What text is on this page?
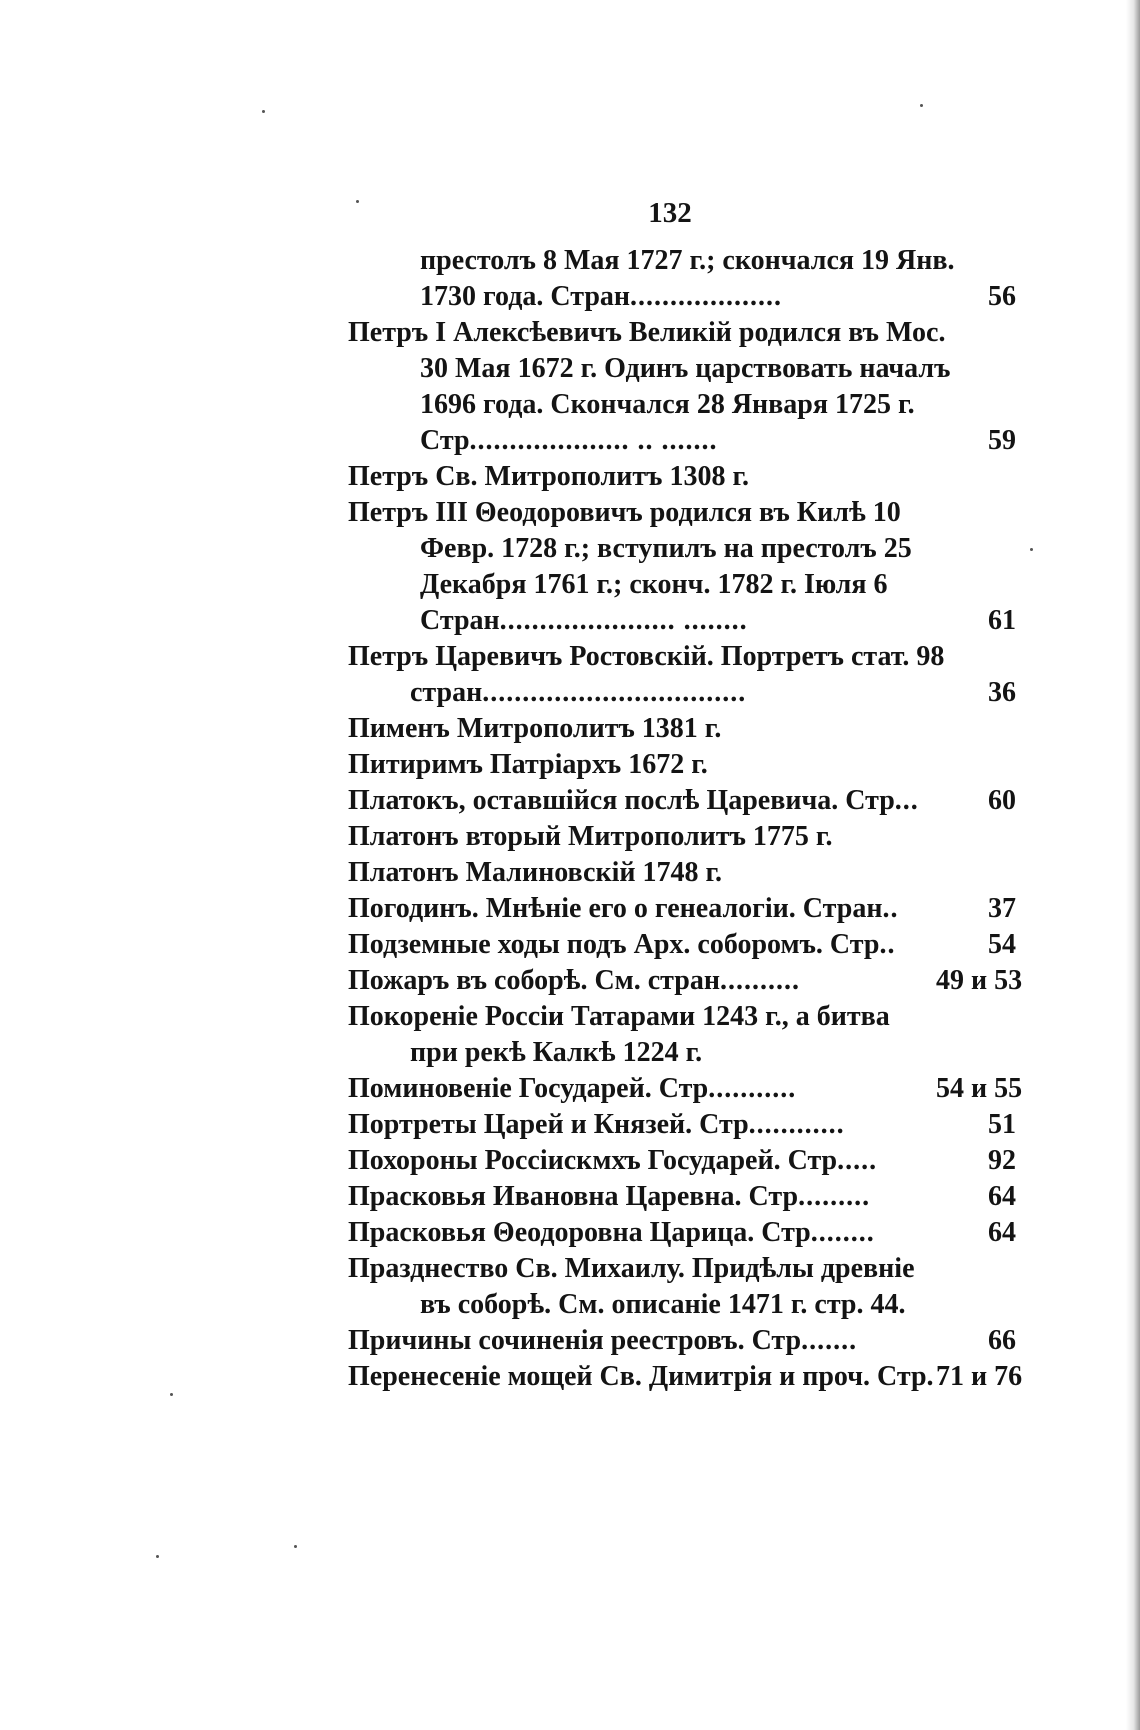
132
престолъ 8 Мая 1727 г.; скончался 19 Янв.
1730 года. Стран...................	56
Петръ I Алексѣевичъ Великій родился въ Мос.
30 Мая 1672 г. Одинъ царствовать началъ
1696 года. Скончался 28 Января 1725 г.
Стр.................... .. .......	59
Петръ Св. Митрополитъ 1308 г.
Петръ III Θеодоровичъ родился въ Килѣ 10
Февр. 1728 г.; вступилъ на престолъ 25
Декабря 1761 г.; сконч. 1782 г. Іюля 6
Стран...................... ........	61
Петръ Царевичъ Ростовскій. Портретъ стат. 98
стран.................................	36
Пименъ Митрополитъ 1381 г.
Питиримъ Патріархъ 1672 г.
Платокъ, оставшійся послѣ Царевича. Стр...	60
Платонъ вторый Митрополитъ 1775 г.
Платонъ Малиновскій 1748 г.
Погодинъ. Мнѣніе его о генеалогіи. Стран..	37
Подземные ходы подъ Арх. соборомъ. Стр..	54
Пожаръ въ соборѣ. См. стран..........	49 и 53
Покореніе Россіи Татарами 1243 г., а битва
при рекѣ Калкѣ 1224 г.
Поминовеніе Государей. Стр...........	54 и 55
Портреты Царей и Князей. Стр............	51
Похороны Россіискмхъ Государей. Стр.....	92
Прасковья Ивановна Царевна. Стр.........	64
Прасковья Θеодоровна Царица. Стр........	64
Празднество Св. Михаилу. Придѣлы древніе
въ соборѣ. См. описаніе 1471 г. стр. 44.
Причины сочиненія реестровъ. Стр.......	66
Перенесеніе мощей Св. Димитрія и проч. Стр. 71 и 76
